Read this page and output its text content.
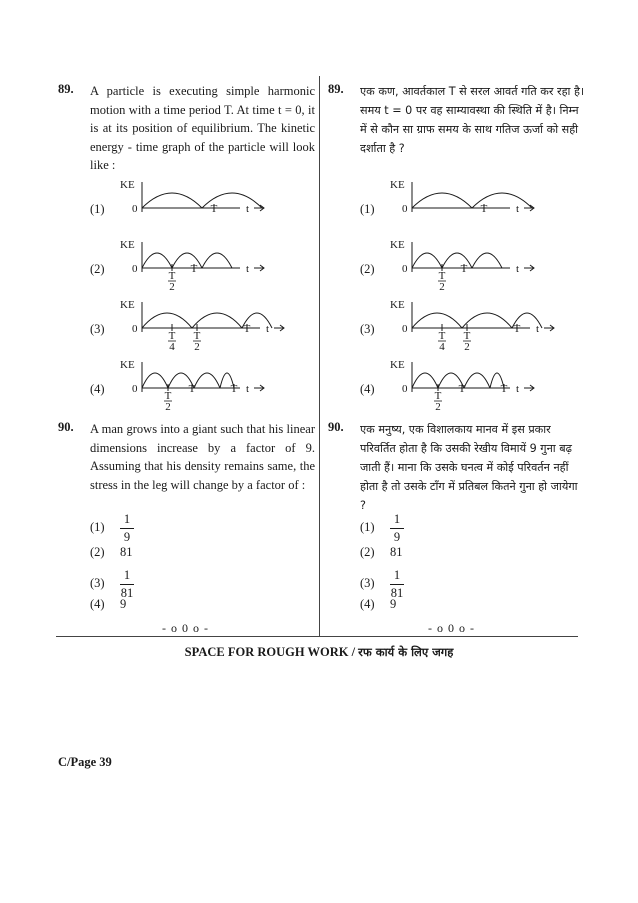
89. A particle is executing simple harmonic motion with a time period T. At time t = 0, it is at its position of equilibrium. The kinetic energy - time graph of the particle will look like :
89. एक कण, आवर्तकाल T से सरल आवर्त गति कर रहा है। समय t = 0 पर वह साम्यावस्था की स्थिति में है। निम्न में से कौन सा ग्राफ समय के साथ गतिज ऊर्जा को सही दर्शाता है ?
(1)
KE
0	t
T
(2)
KE
0	t
T
2
T
(3)
KE
0	t
T
4
T
2
T
(4)
KE
0	t
T
2
T	T
(1)
KE
0	t
T
(2)
KE
0	t
T
2
T
(3)
KE
0	t
T
4
T
2
T
(4)
KE
0	t
T
2
T	T
90. A man grows into a giant such that his linear dimensions increase by a factor of 9. Assuming that his density remains same, the stress in the leg will change by a factor of :
90. एक मनुष्य, एक विशालकाय मानव में इस प्रकार परिवर्तित होता है कि उसकी रेखीय विमायें 9 गुना बढ़ जाती हैं। माना कि उसके घनत्व में कोई परिवर्तन नहीं होता है तो उसके टाँग में प्रतिबल कितने गुना हो जायेगा ?
(1)
1
9
(2) 81
(3)
1
81
(4) 9
(1)
1
9
(2) 81
(3)
1
81
(4) 9
- o 0 o -	- o 0 o -
SPACE FOR ROUGH WORK / रफ कार्य के लिए जगह
C/Page 39
